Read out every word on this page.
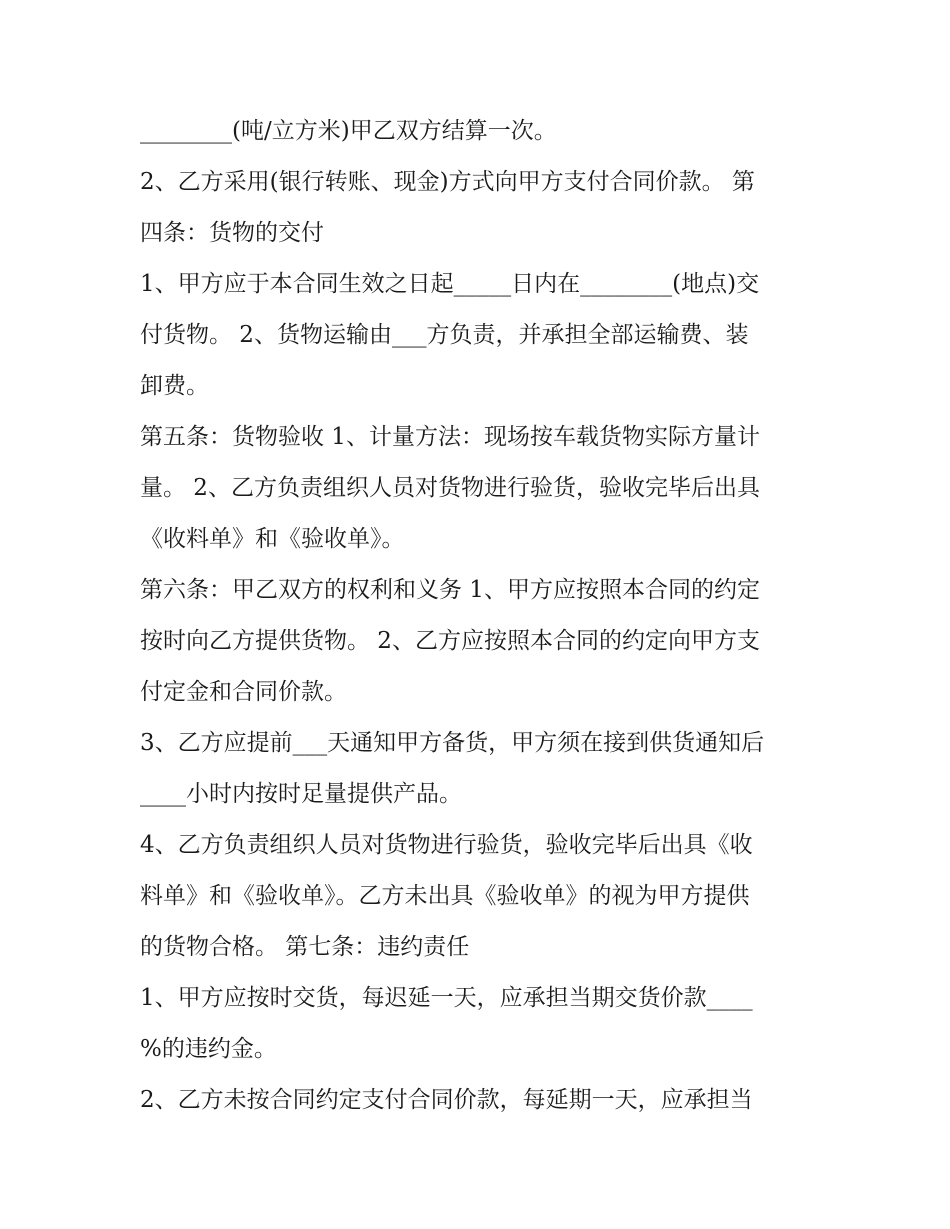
________(吨/立方米)甲乙双方结算一次。
2、乙方采用(银行转账、现金)方式向甲方支付合同价款。 第
四条：货物的交付
1、甲方应于本合同生效之日起_____日内在________(地点)交
付货物。 2、货物运输由___方负责，并承担全部运输费、装
卸费。
第五条：货物验收 1、计量方法：现场按车载货物实际方量计
量。 2、乙方负责组织人员对货物进行验货，验收完毕后出具
《收料单》和《验收单》。
第六条：甲乙双方的权利和义务 1、甲方应按照本合同的约定
按时向乙方提供货物。 2、乙方应按照本合同的约定向甲方支
付定金和合同价款。
3、乙方应提前___天通知甲方备货，甲方须在接到供货通知后
____小时内按时足量提供产品。
4、乙方负责组织人员对货物进行验货，验收完毕后出具《收
料单》和《验收单》。乙方未出具《验收单》的视为甲方提供
的货物合格。 第七条：违约责任
1、甲方应按时交货，每迟延一天，应承担当期交货价款____
%的违约金。
2、乙方未按合同约定支付合同价款，每延期一天，应承担当
